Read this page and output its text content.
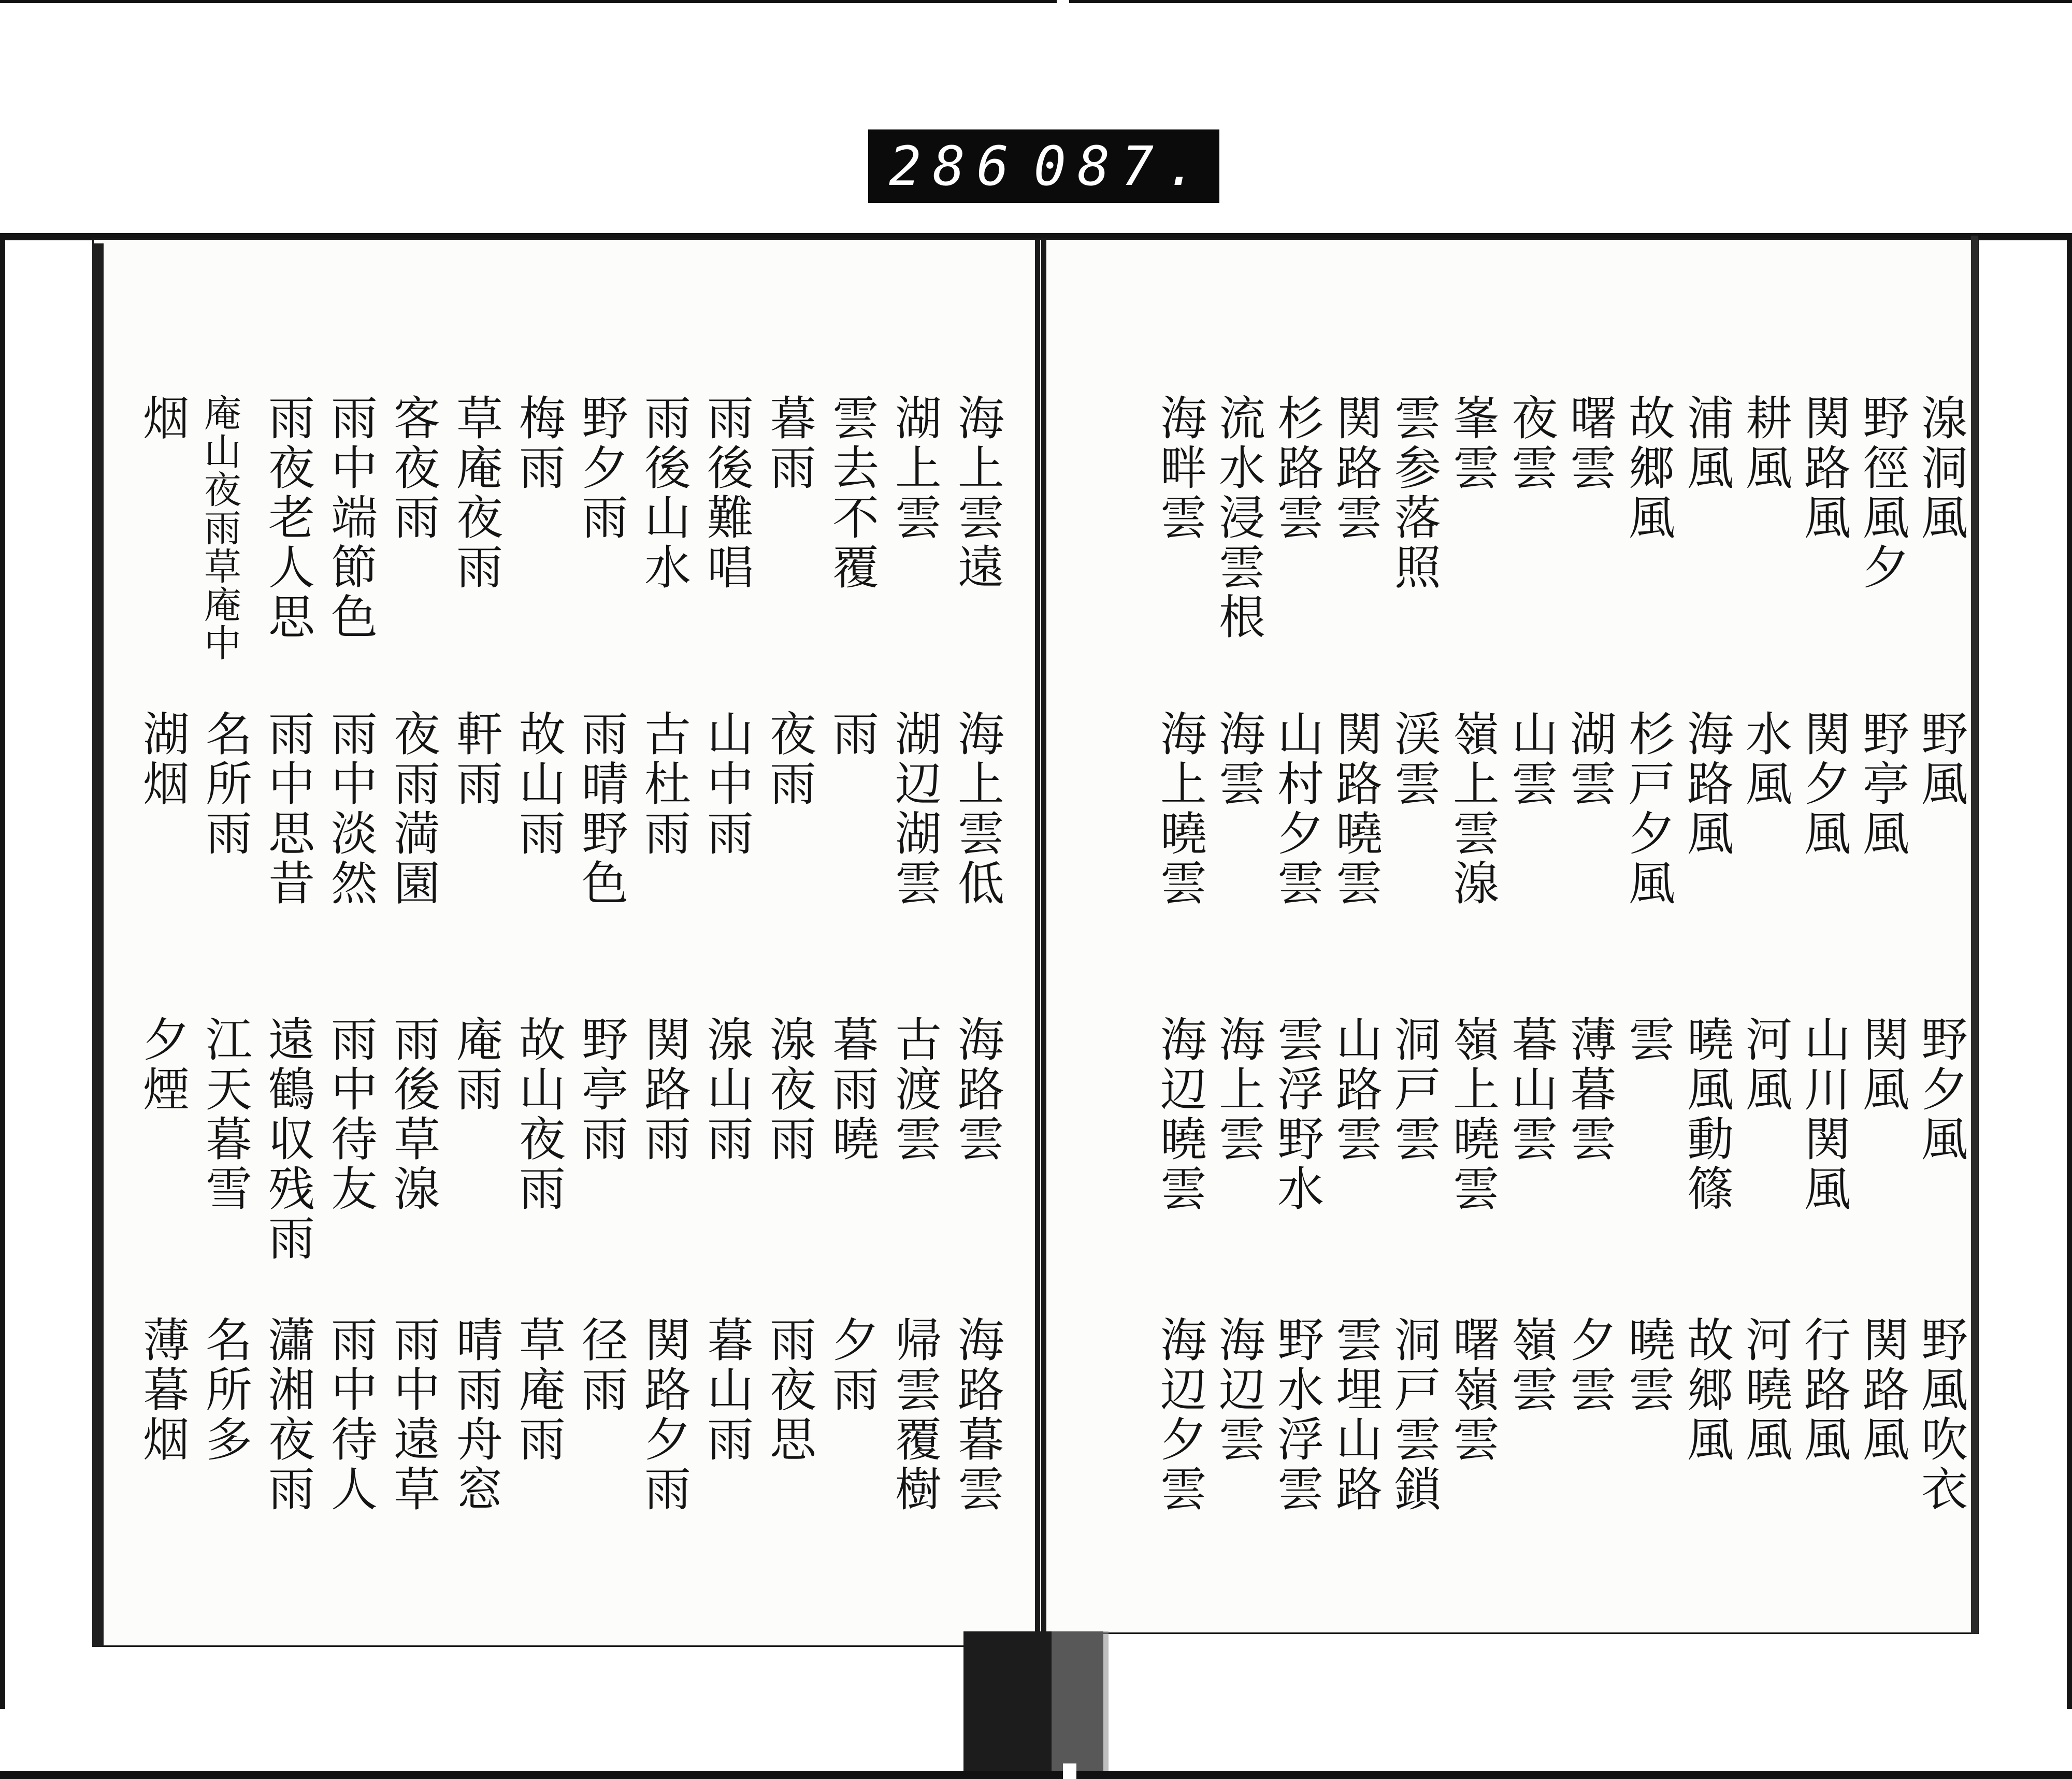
286 087.
湶洞風
野徑風夕
関路風
耕風
浦風
故郷風
曙雲
夜雲
峯雲
雲参落照
関路雲
杉路雲
流水浸雲根
海畔雲
野風
野亭風
関夕風
水風
海路風
杉戸夕風
湖雲
山雲
嶺上雲湶
渓雲
関路曉雲
山村夕雲
海雲
海上曉雲
野夕風
関風
山川関風
河風
曉風動篠
雲
薄暮雲
暮山雲
嶺上曉雲
洞戸雲
山路雲
雲浮野水
海上雲
海辺曉雲
野風吹衣
関路風
行路風
河曉風
故郷風
曉雲
夕雲
嶺雲
曙嶺雲
洞戸雲鎖
雲埋山路
野水浮雲
海辺雲
海辺夕雲
海上雲遠
湖上雲
雲去不覆
暮雨
雨後難唱
雨後山水
野夕雨
梅雨
草庵夜雨
客夜雨
雨中端節色
雨夜老人思
庵山夜雨草庵中
烟
海上雲低
湖辺湖雲
雨
夜雨
山中雨
古杜雨
雨晴野色
故山雨
軒雨
夜雨満園
雨中淡然
雨中思昔
名所雨
湖烟
海路雲
古渡雲
暮雨曉
湶夜雨
湶山雨
関路雨
野亭雨
故山夜雨
庵雨
雨後草湶
雨中待友
遠鶴収残雨
江天暮雪
夕煙
海路暮雲
帰雲覆樹
夕雨
雨夜思
暮山雨
関路夕雨
径雨
草庵雨
晴雨舟窓
雨中遠草
雨中待人
瀟湘夜雨
名所多
薄暮烟
